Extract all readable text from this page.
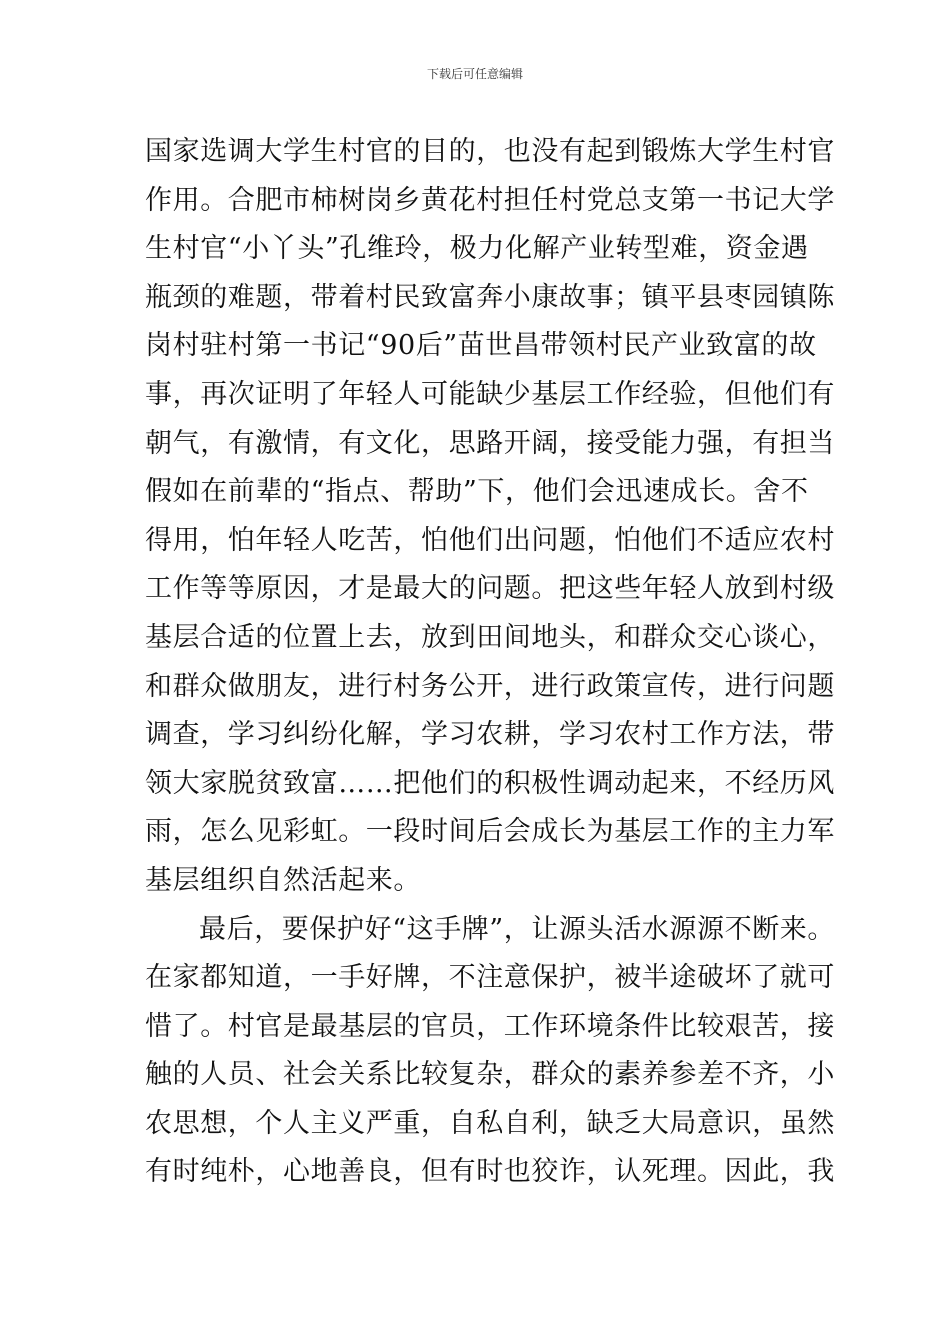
下载后可任意编辑
国家选调大学生村官的目的，也没有起到锻炼大学生村官
作用。合肥市柿树岗乡黄花村担任村党总支第一书记大学
生村官“小丫头”孔维玲，极力化解产业转型难，资金遇
瓶颈的难题，带着村民致富奔小康故事；镇平县枣园镇陈
岗村驻村第一书记“90后”苗世昌带领村民产业致富的故
事，再次证明了年轻人可能缺少基层工作经验，但他们有
朝气，有激情，有文化，思路开阔，接受能力强，有担当
假如在前辈的“指点、帮助”下，他们会迅速成长。舍不
得用，怕年轻人吃苦，怕他们出问题，怕他们不适应农村
工作等等原因，才是最大的问题。把这些年轻人放到村级
基层合适的位置上去，放到田间地头，和群众交心谈心，
和群众做朋友，进行村务公开，进行政策宣传，进行问题
调查，学习纠纷化解，学习农耕，学习农村工作方法，带
领大家脱贫致富……把他们的积极性调动起来，不经历风
雨，怎么见彩虹。一段时间后会成长为基层工作的主力军
基层组织自然活起来。
最后，要保护好“这手牌”，让源头活水源源不断来。
在家都知道，一手好牌，不注意保护，被半途破坏了就可
惜了。村官是最基层的官员，工作环境条件比较艰苦，接
触的人员、社会关系比较复杂，群众的素养参差不齐，小
农思想，个人主义严重，自私自利，缺乏大局意识，虽然
有时纯朴，心地善良，但有时也狡诈，认死理。因此，我
